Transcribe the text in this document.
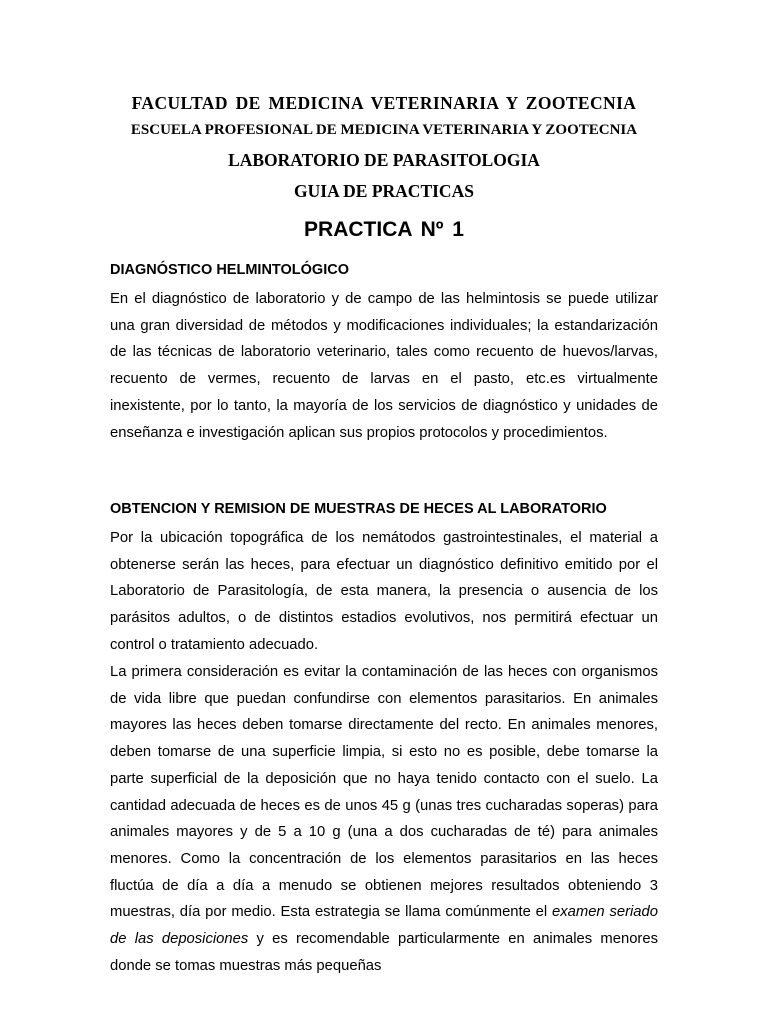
FACULTAD DE MEDICINA VETERINARIA Y ZOOTECNIA
ESCUELA PROFESIONAL DE MEDICINA VETERINARIA Y ZOOTECNIA
LABORATORIO DE PARASITOLOGIA
GUIA DE PRACTICAS
PRACTICA Nº 1
DIAGNÓSTICO HELMINTOLÓGICO

En el diagnóstico de laboratorio y de campo de las helmintosis se puede utilizar una gran diversidad de métodos y modificaciones individuales; la estandarización de las técnicas de laboratorio veterinario, tales como recuento de huevos/larvas, recuento de vermes, recuento de larvas en el pasto, etc.es virtualmente inexistente, por lo tanto, la mayoría de los servicios de diagnóstico y unidades de enseñanza e investigación aplican sus propios protocolos y procedimientos.

OBTENCION Y REMISION DE MUESTRAS DE HECES AL LABORATORIO

Por la ubicación topográfica de los nemátodos gastrointestinales, el material a obtenerse serán las heces, para efectuar un diagnóstico definitivo emitido por el Laboratorio de Parasitología, de esta manera, la presencia o ausencia de los parásitos adultos, o de distintos estadios evolutivos, nos permitirá efectuar un control o tratamiento adecuado.

La primera consideración es evitar la contaminación de las heces con organismos de vida libre que puedan confundirse con elementos parasitarios. En animales mayores las heces deben tomarse directamente del recto. En animales menores, deben tomarse de una superficie limpia, si esto no es posible, debe tomarse la parte superficial de la deposición que no haya tenido contacto con el suelo. La cantidad adecuada de heces es de unos 45 g (unas tres cucharadas soperas) para animales mayores y de 5 a 10 g (una a dos cucharadas de té) para animales menores. Como la concentración de los elementos parasitarios en las heces fluctúa de día a día a menudo se obtienen mejores resultados obteniendo 3 muestras, día por medio. Esta estrategia se llama comúnmente el examen seriado de las deposiciones y es recomendable particularmente en animales menores donde se tomas muestras más pequeñas
